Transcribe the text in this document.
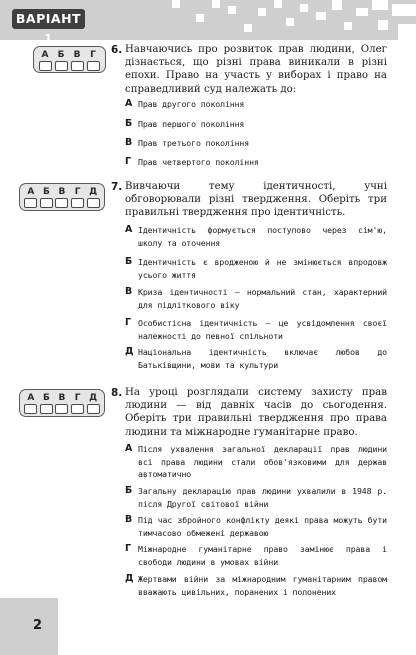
ВАРІАНТ 1
А Б В Г 6. Навчаючись про розвиток прав людини, Олег дізнається, що різні права виникали в різні епохи. Право на участь у виборах і право на справедливий суд належать до:
А Прав другого покоління
Б Прав першого покоління
В Прав третього покоління
Г Прав четвертого покоління
А Б В Г Д 7. Вивчаючи тему ідентичності, учні обговорювали різні твердження. Оберіть три правильні твердження про ідентичність.
А Ідентичність формується поступово через сім'ю, школу та оточення
Б Ідентичність є вродженою й не змінюється впродовж усього життя
В Криза ідентичності — нормальний стан, характерний для підліткового віку
Г Особистісна ідентичність — це усвідомлення своєї належності до певної спільноти
Д Національна ідентичність включає любов до Батьківщини, мови та культури
А Б В Г Д 8. На уроці розглядали систему захисту прав людини — від давніх часів до сьогодення. Оберіть три правильні твердження про права людини та міжнародне гуманітарне право.
А Після ухвалення загальної декларації прав людини всі права людини стали обов'язковими для держав автоматично
Б Загальну декларацію прав людини ухвалили в 1948 р. після Другої світової війни
В Під час збройного конфлікту деякі права можуть бути тимчасово обмежені державою
Г Міжнародне гуманітарне право замінює права і свободи людини в умовах війни
Д Жертвами війни за міжнародним гуманітарним правом вважають цивільних, поранених і полонених
2
